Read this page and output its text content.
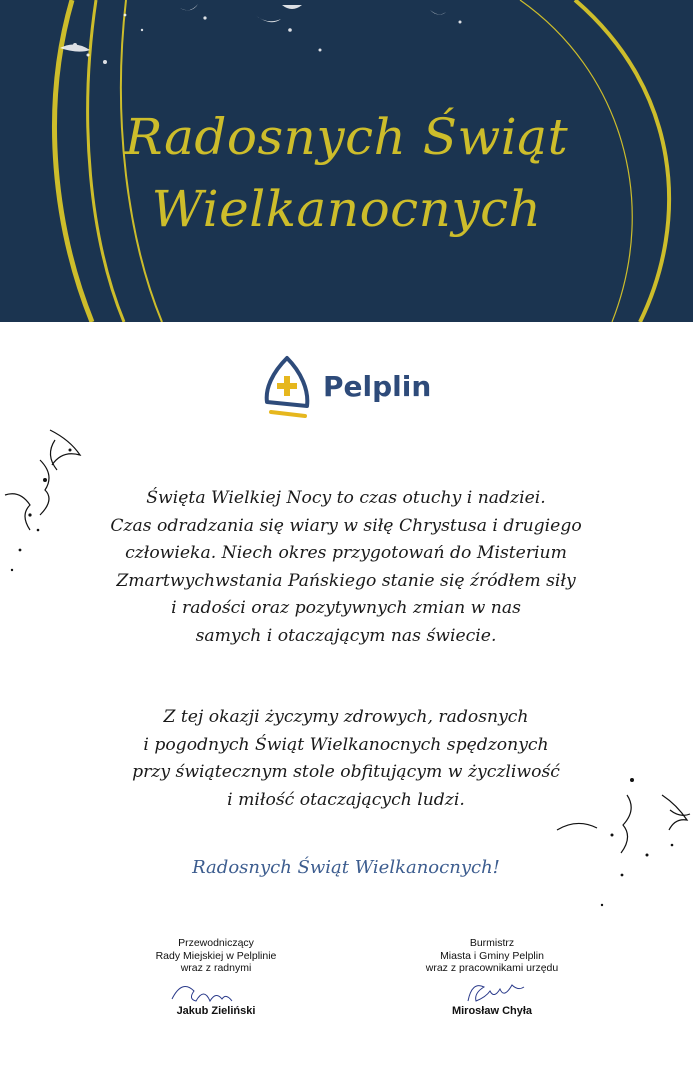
Radosnych Świąt
Wielkanocnych
Pelplin
Święta Wielkiej Nocy to czas otuchy i nadziei.
Czas odradzania się wiary w siłę Chrystusa i drugiego
człowieka. Niech okres przygotowań do Misterium
Zmartwychwstania Pańskiego stanie się źródłem siły
i radości oraz pozytywnych zmian w nas
samych i otaczającym nas świecie.
Z tej okazji życzymy zdrowych, radosnych
i pogodnych Świąt Wielkanocnych spędzonych
przy świątecznym stole obfitującym w życzliwość
i miłość otaczających ludzi.
Radosnych Świąt Wielkanocnych!
Przewodniczący
Rady Miejskiej w Pelplinie
wraz z radnymi
Jakub Zieliński
Burmistrz
Miasta i Gminy Pelplin
wraz z pracownikami urzędu
Mirosław Chyła
